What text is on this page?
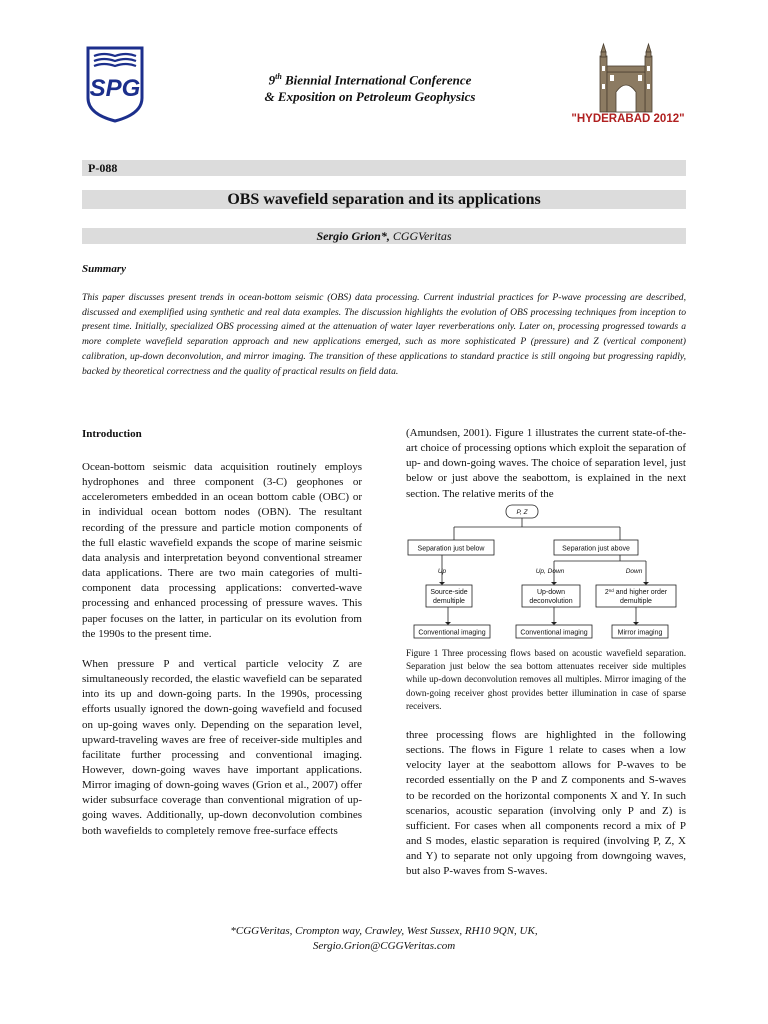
SPG	9th Biennial International Conference
& Exposition on Petroleum Geophysics
"HYDERABAD 2012"
P-088
OBS wavefield separation and its applications
Sergio Grion*, CGGVeritas
Summary
This paper discusses present trends in ocean-bottom seismic (OBS) data processing. Current industrial practices for P-wave processing are described, discussed and exemplified using synthetic and real data examples. The discussion highlights the evolution of OBS processing techniques from inception to present time. Initially, specialized OBS processing aimed at the attenuation of water layer reverberations only. Later on, processing progressed towards a more complete wavefield separation approach and new applications emerged, such as more sophisticated P (pressure) and Z (vertical component) calibration, up-down deconvolution, and mirror imaging. The transition of these applications to standard practice is still ongoing but progressing rapidly, backed by theoretical correctness and the quality of practical results on field data.
Introduction

Ocean-bottom seismic data acquisition routinely employs hydrophones and three component (3-C) geophones or accelerometers embedded in an ocean bottom cable (OBC) or in individual ocean bottom nodes (OBN). The resultant recording of the pressure and particle motion components of the full elastic wavefield expands the scope of marine seismic data analysis and interpretation beyond conventional streamer data applications. There are two main categories of multi-component data processing applications: converted-wave processing and enhanced processing of pressure waves. This paper focuses on the latter, in particular on its evolution from the 1990s to the present time.

When pressure P and vertical particle velocity Z are simultaneously recorded, the elastic wavefield can be separated into its up and down-going parts. In the 1990s, processing efforts usually ignored the down-going wavefield and focused on up-going waves only. Depending on the separation level, upward-traveling waves are free of receiver-side multiples and facilitate further processing and conventional imaging. However, down-going waves have important applications. Mirror imaging of down-going waves (Grion et al., 2007) offer wider subsurface coverage than conventional migration of up-going waves. Additionally, up-down deconvolution combines both wavefields to completely remove free-surface effects

(Amundsen, 2001). Figure 1 illustrates the current state-of-the-art choice of processing options which exploit the separation of up- and down-going waves. The choice of separation level, just below or just above the seabottom, is explained in the next section. The relative merits of the
P, Z
Separation just below	Separation just above
Up	Up, Down	Down
Source-side
demultiple
Up-down
deconvolution
2nd and higher order
demultiple
Conventional imaging	Conventional imaging	Mirror imaging
Figure 1 Three processing flows based on acoustic wavefield separation. Separation just below the sea bottom attenuates receiver side multiples while up-down deconvolution removes all multiples. Mirror imaging of the down-going receiver ghost provides better illumination in case of sparse receivers.
three processing flows are highlighted in the following sections. The flows in Figure 1 relate to cases when a low velocity layer at the seabottom allows for P-waves to be recorded essentially on the P and Z components and S-waves to be recorded on the horizontal components X and Y. In such scenarios, acoustic separation (involving only P and Z) is sufficient. For cases when all components record a mix of P and S modes, elastic separation is required (involving P, Z, X and Y) to separate not only upgoing from downgoing waves, but also P-waves from S-waves.
*CGGVeritas, Crompton way, Crawley, West Sussex, RH10 9QN, UK,
Sergio.Grion@CGGVeritas.com
